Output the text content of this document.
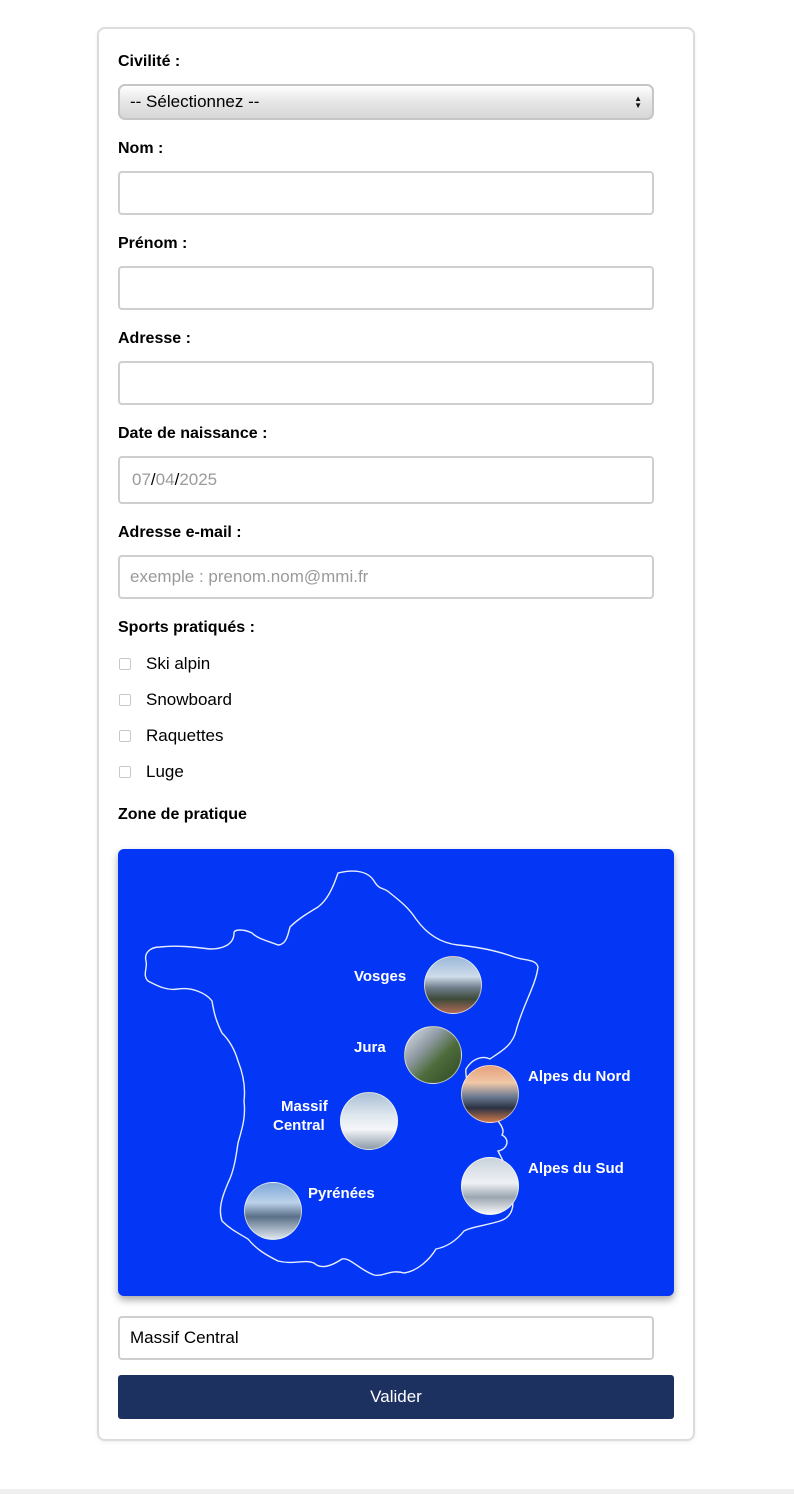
Civilité :
-- Sélectionnez --	▲
▼
Nom :
Prénom :
Adresse :
Date de naissance :
07 / 04 / 2025
Adresse e-mail :
exemple : prenom.nom@mmi.fr
Sports pratiqués :
Ski alpin
Snowboard
Raquettes
Luge
Zone de pratique
Vosges
Jura
Alpes du Nord
Massif
Central
Alpes du Sud
Pyrénées
Massif Central
Valider
